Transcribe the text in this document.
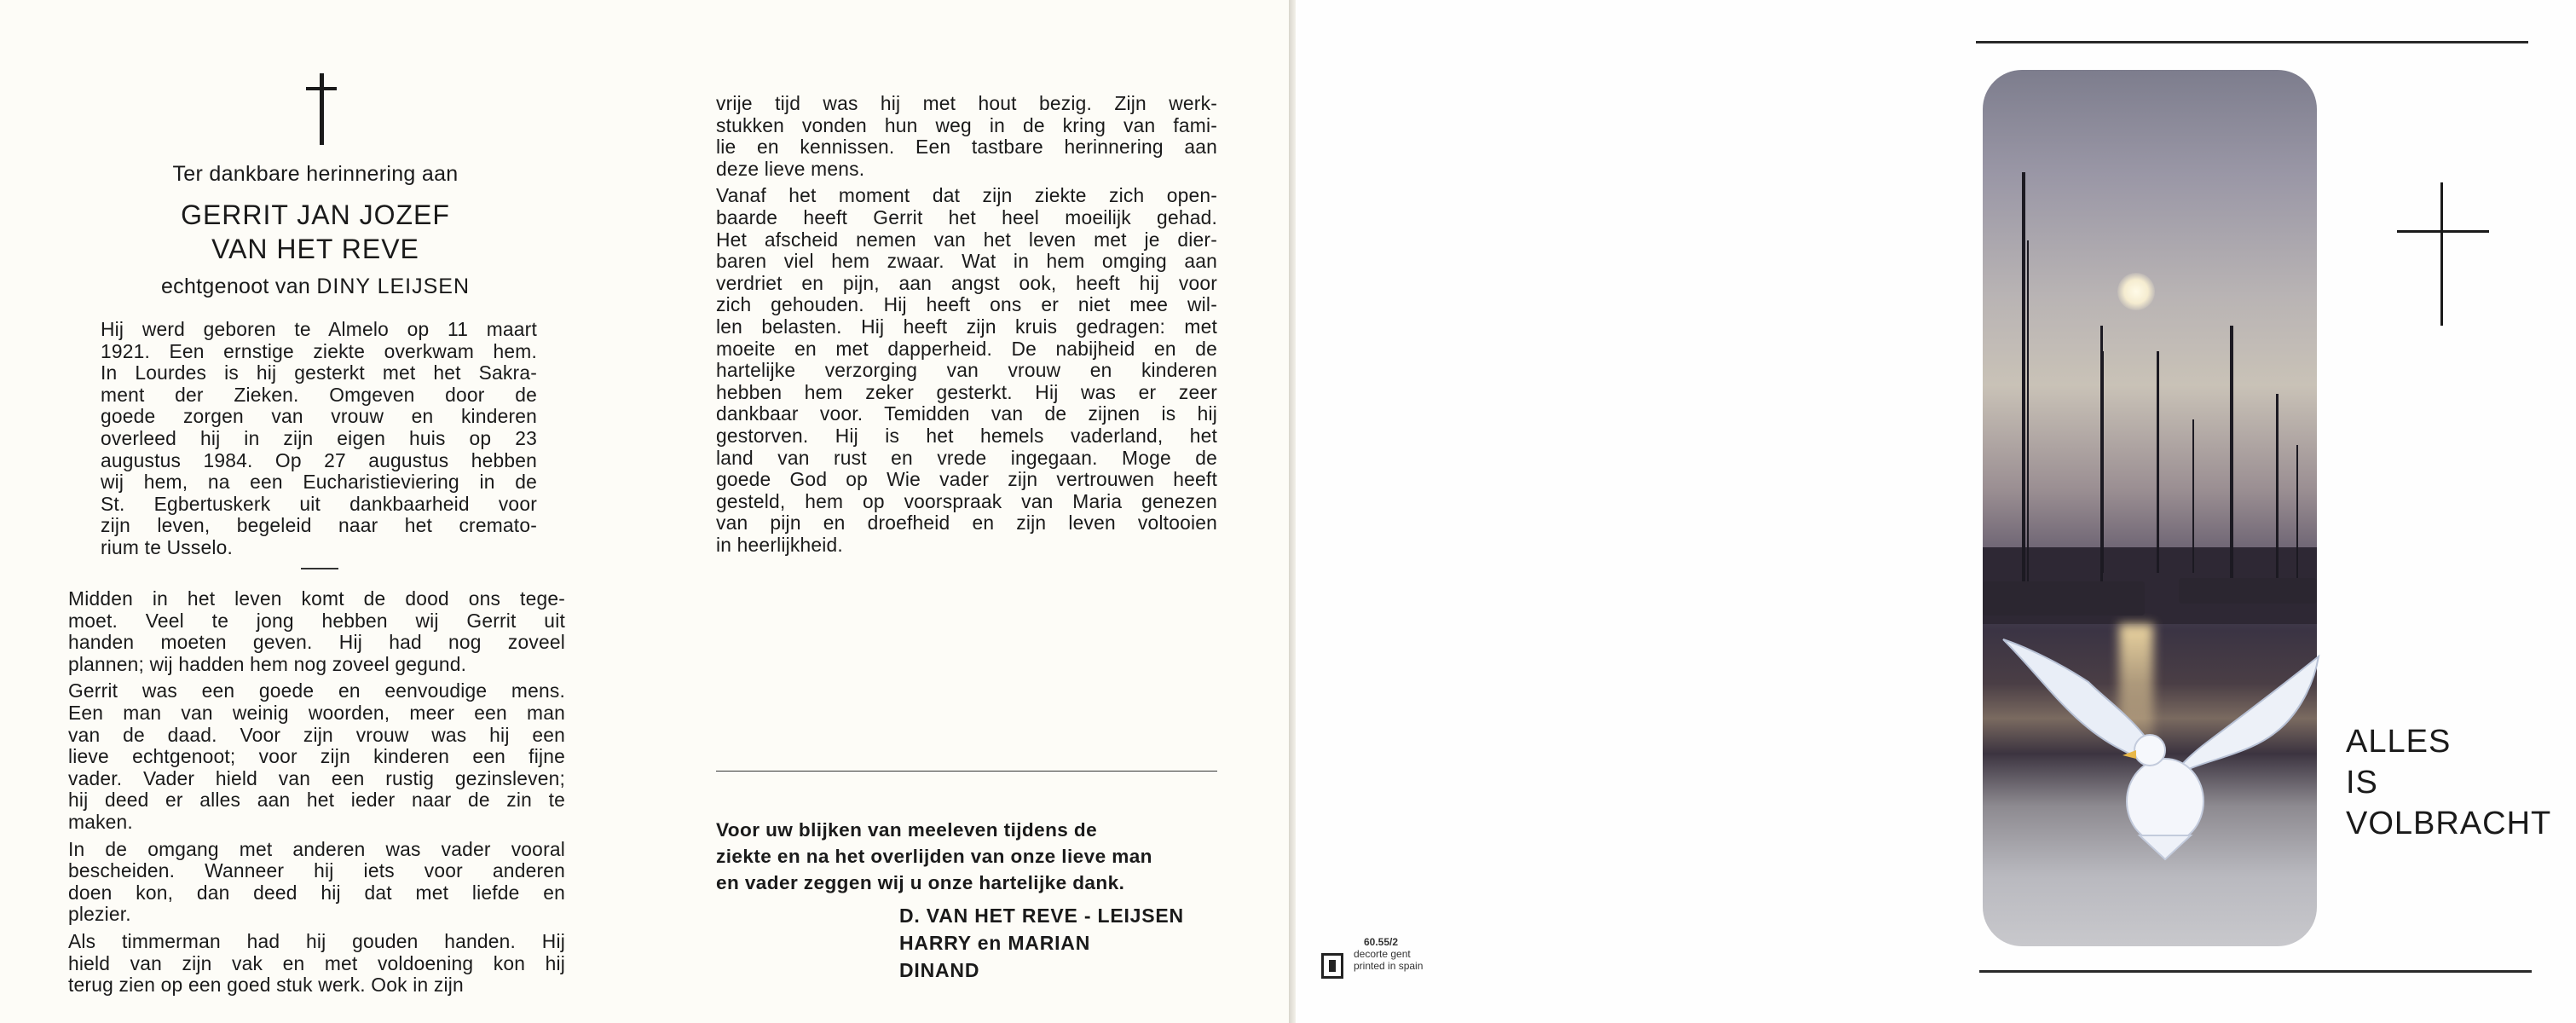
Ter dankbare herinnering aan
GERRIT JAN JOZEF
VAN HET REVE
echtgenoot van DINY LEIJSEN
Hij werd geboren te Almelo op 11 maart
1921. Een ernstige ziekte overkwam hem.
In Lourdes is hij gesterkt met het Sakra-
ment der Zieken. Omgeven door de
goede zorgen van vrouw en kinderen
overleed hij in zijn eigen huis op 23
augustus 1984. Op 27 augustus hebben
wij hem, na een Eucharistieviering in de
St. Egbertuskerk uit dankbaarheid voor
zijn leven, begeleid naar het cremato-
rium te Usselo.
Midden in het leven komt de dood ons tege-
moet. Veel te jong hebben wij Gerrit uit
handen moeten geven. Hij had nog zoveel
plannen; wij hadden hem nog zoveel gegund.
Gerrit was een goede en eenvoudige mens.
Een man van weinig woorden, meer een man
van de daad. Voor zijn vrouw was hij een
lieve echtgenoot; voor zijn kinderen een fijne
vader. Vader hield van een rustig gezinsleven;
hij deed er alles aan het ieder naar de zin te
maken.
In de omgang met anderen was vader vooral
bescheiden. Wanneer hij iets voor anderen
doen kon, dan deed hij dat met liefde en
plezier.
Als timmerman had hij gouden handen. Hij
hield van zijn vak en met voldoening kon hij
terug zien op een goed stuk werk. Ook in zijn
vrije tijd was hij met hout bezig. Zijn werk-
stukken vonden hun weg in de kring van fami-
lie en kennissen. Een tastbare herinnering aan
deze lieve mens.
Vanaf het moment dat zijn ziekte zich open-
baarde heeft Gerrit het heel moeilijk gehad.
Het afscheid nemen van het leven met je dier-
baren viel hem zwaar. Wat in hem omging aan
verdriet en pijn, aan angst ook, heeft hij voor
zich gehouden. Hij heeft ons er niet mee wil-
len belasten. Hij heeft zijn kruis gedragen: met
moeite en met dapperheid. De nabijheid en de
hartelijke verzorging van vrouw en kinderen
hebben hem zeker gesterkt. Hij was er zeer
dankbaar voor. Temidden van de zijnen is hij
gestorven. Hij is het hemels vaderland, het
land van rust en vrede ingegaan. Moge de
goede God op Wie vader zijn vertrouwen heeft
gesteld, hem op voorspraak van Maria genezen
van pijn en droefheid en zijn leven voltooien
in heerlijkheid.
Voor uw blijken van meeleven tijdens de
ziekte en na het overlijden van onze lieve man
en vader zeggen wij u onze hartelijke dank.
D. VAN HET REVE - LEIJSEN
HARRY en MARIAN
DINAND
ALLES
IS
VOLBRACHT
60.55/2
decorte gent
printed in spain
